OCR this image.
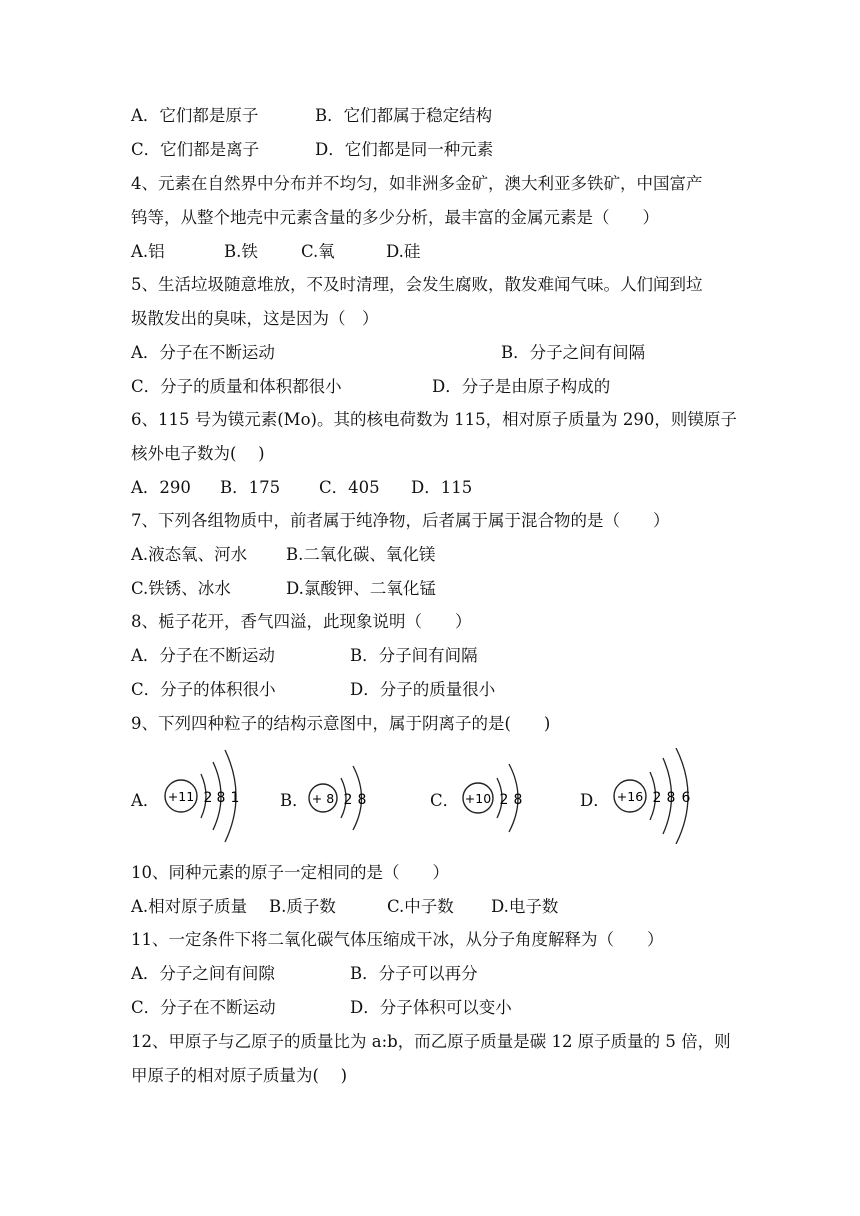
A．它们都是原子	B．它们都属于稳定结构
C．它们都是离子	D．它们都是同一种元素
4、元素在自然界中分布并不均匀，如非洲多金矿，澳大利亚多铁矿，中国富产
钨等，从整个地壳中元素含量的多少分析，最丰富的金属元素是（　　）
A.铝	B.铁	C.氧	D.硅
5、生活垃圾随意堆放，不及时清理，会发生腐败，散发难闻气味。人们闻到垃
圾散发出的臭味，这是因为（　）
A．分子在不断运动	B．分子之间有间隔
C．分子的质量和体积都很小	D．分子是由原子构成的
6、115 号为镆元素(Mo)。其的核电荷数为 115，相对原子质量为 290，则镆原子
核外电子数为(　 )
A．290 B．175 C．405 D．115
7、下列各组物质中，前者属于纯净物，后者属于属于混合物的是（　　）
A.液态氧、河水 B.二氧化碳、氧化镁
C.铁锈、冰水	D.氯酸钾、二氧化锰
8、栀子花开，香气四溢，此现象说明（　　）
A．分子在不断运动	B．分子间有间隔
C．分子的体积很小	D．分子的质量很小
9、下列四种粒子的结构示意图中，属于阴离子的是(　　)
A． +11 2 8 1 B． + 8 2 8	C． +10 2 8	D． +16 2 8 6
10、同种元素的原子一定相同的是（　　）
A.相对原子质量 B.质子数	C.中子数 D.电子数
11、一定条件下将二氧化碳气体压缩成干冰，从分子角度解释为（　　）
A．分子之间有间隙	B．分子可以再分
C．分子在不断运动	D．分子体积可以变小
12、甲原子与乙原子的质量比为 a:b，而乙原子质量是碳 12 原子质量的 5 倍，则
甲原子的相对原子质量为(　 )
